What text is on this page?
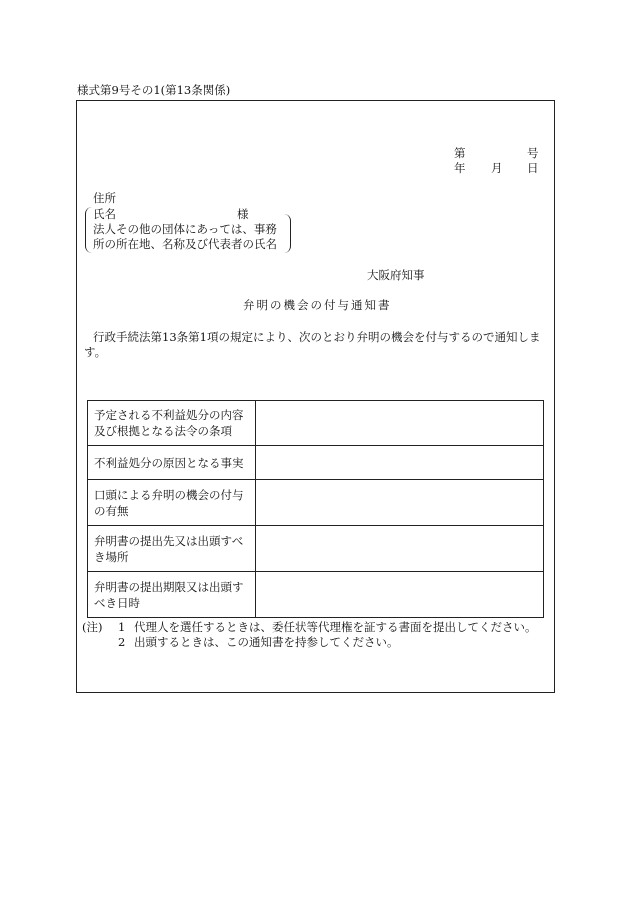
様式第9号その1(第13条関係)
第	号
年 月 日
住所
氏名	様
法人その他の団体にあっては、事務
所の所在地、名称及び代表者の氏名
大阪府知事
弁明の機会の付与通知書
行政手続法第13条第1項の規定により、次のとおり弁明の機会を付与するので通知しま
す。
予定される不利益処分の内容
及び根拠となる法令の条項	

不利益処分の原因となる事実	

口頭による弁明の機会の付与
の有無	

弁明書の提出先又は出頭すべ
き場所	

弁明書の提出期限又は出頭す
べき日時	

(注) 1 代理人を選任するときは、委任状等代理権を証する書面を提出してください。
2 出頭するときは、この通知書を持参してください。
